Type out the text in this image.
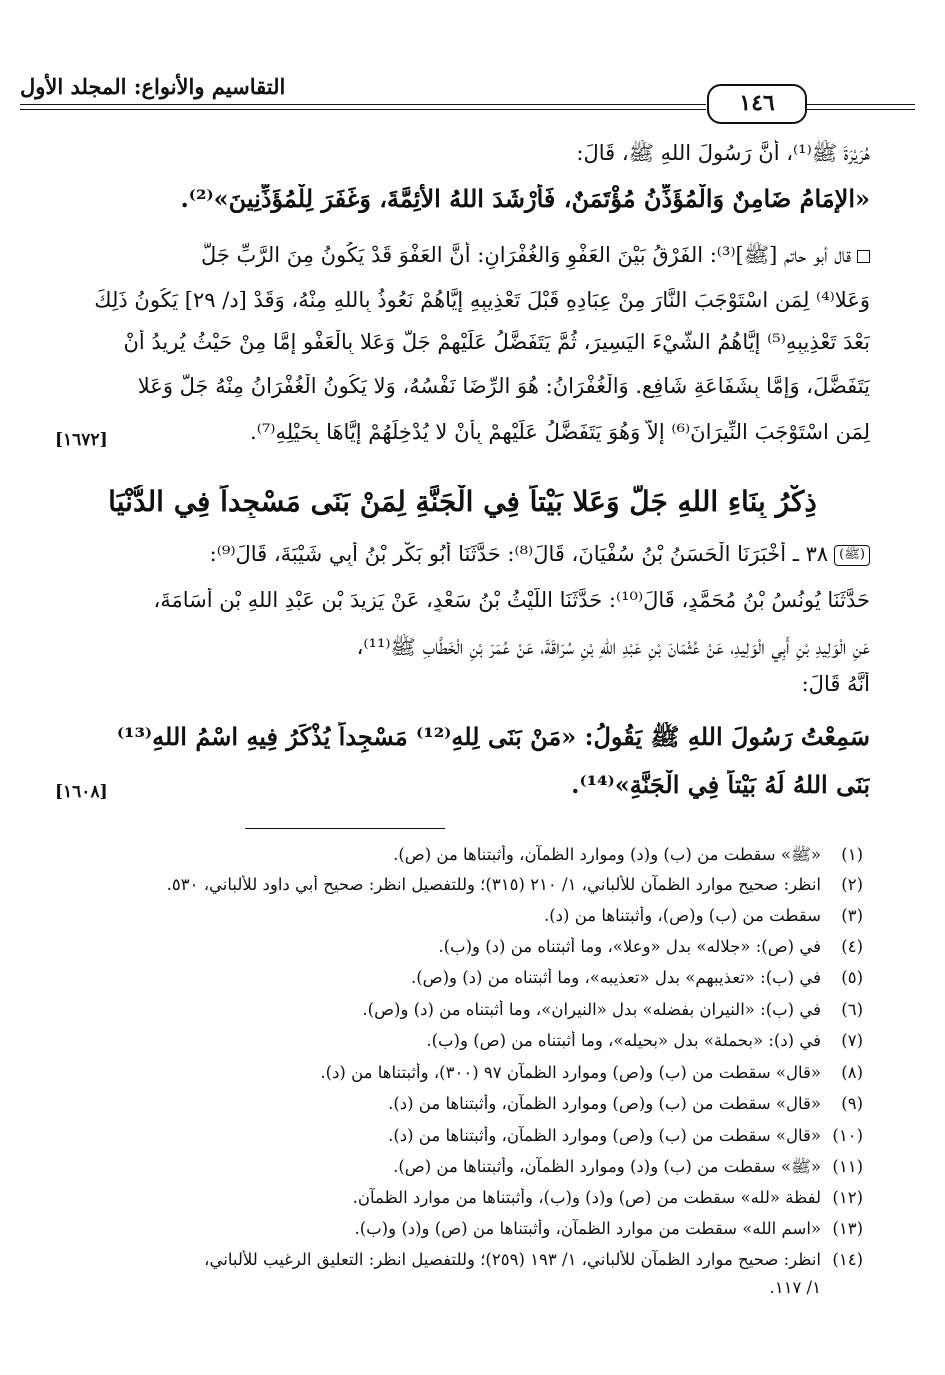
التقاسيم والأنواع: المجلد الأول
١٤٦
هُرَيْرَةَ ﷺ⁽¹⁾، أَنَّ رَسُولَ اللهِ ﷺ، قَالَ:
«الإِمَامُ ضَامِنٌ وَالْمُؤَذِّنُ مُؤْتَمَنٌ، فَأَرْشَدَ اللهُ الأَئِمَّةَ، وَغَفَرَ لِلْمُؤَذِّنِينَ»⁽²⁾.
قال أبو حاتم [ﷺ]⁽³⁾: الفَرْقُ بَيْنَ العَفْوِ وَالغُفْرَانِ: أَنَّ العَفْوَ قَدْ يَكُونُ مِنَ الرَّبِّ جَلَّ
وَعَلا⁽⁴⁾ لِمَنِ اسْتَوْجَبَ النَّارَ مِنْ عِبَادِهِ قَبْلَ تَعْذِيبِهِ إِيَّاهُمْ نَعُوذُ بِاللهِ مِنْهُ، وَقَدْ [د/ ٢٩] يَكُونُ ذَلِكَ
بَعْدَ تَعْذِيبِهِ⁽⁵⁾ إِيَّاهُمُ الشَّيْءَ اليَسِيرَ، ثُمَّ يَتَفَضَّلُ عَلَيْهِمْ جَلَّ وَعَلا بِالْعَفْوِ إِمَّا مِنْ حَيْثُ يُرِيدُ أَنْ
يَتَفَضَّلَ، وَإِمَّا بِشَفَاعَةِ شَافِعٍ. وَالْغُفْرَانُ: هُوَ الرِّضَا نَفْسُهُ، وَلا يَكُونُ الْغُفْرَانُ مِنْهُ جَلَّ وَعَلا
لِمَنِ اسْتَوْجَبَ النِّيرَانَ⁽⁶⁾ إِلاَّ وَهُوَ يَتَفَضَّلُ عَلَيْهِمْ بِأَنْ لا يُدْخِلَهُمْ إِيَّاهَا بِحَيْلِهِ⁽⁷⁾.
[١٦٧٢]
ذِكْرُ بِنَاءِ اللهِ جَلَّ وَعَلا بَيْتاً فِي الْجَنَّةِ لِمَنْ بَنَى مَسْجِداً فِي الدُّنْيَا
(ﷺ)٣٨ ـ أَخْبَرَنَا الْحَسَنُ بْنُ سُفْيَانَ، قَالَ⁽⁸⁾: حَدَّثَنَا أَبُو بَكْرِ بْنُ أَبِي شَيْبَةَ، قَالَ⁽⁹⁾:
حَدَّثَنَا يُونُسُ بْنُ مُحَمَّدٍ، قَالَ⁽¹⁰⁾: حَدَّثَنَا اللَّيْثُ بْنُ سَعْدٍ، عَنْ يَزِيدَ بْنِ عَبْدِ اللهِ بْنِ أُسَامَةَ،
عَنِ الْوَلِيدِ بْنِ أَبِي الْوَلِيدِ، عَنْ عُثْمَانَ بْنِ عَبْدِ اللهِ بْنِ سُرَاقَةَ، عَنْ عُمَرَ بْنِ الْخَطَّابِ ﷺ⁽¹¹⁾،
أَنَّهُ قَالَ:
سَمِعْتُ رَسُولَ اللهِ ﷺ يَقُولُ: «مَنْ بَنَى لِلهِ⁽¹²⁾ مَسْجِداً يُذْكَرُ فِيهِ اسْمُ اللهِ⁽¹³⁾
بَنَى اللهُ لَهُ بَيْتاً فِي الْجَنَّةِ»⁽¹⁴⁾.
[١٦٠٨]
(١)«ﷺ» سقطت من (ب) و(د) وموارد الظمآن، وأثبتناها من (ص).
(٢)انظر: صحيح موارد الظمآن للألباني، ١/ ٢١٠ (٣١٥)؛ وللتفصيل انظر: صحيح أبي داود للألباني، ٥٣٠.
(٣)سقطت من (ب) و(ص)، وأثبتناها من (د).
(٤)في (ص): «جلاله» بدل «وعلا»، وما أثبتناه من (د) و(ب).
(٥)في (ب): «تعذيبهم» بدل «تعذيبه»، وما أثبتناه من (د) و(ص).
(٦)في (ب): «النيران بفضله» بدل «النيران»، وما أثبتناه من (د) و(ص).
(٧)في (د): «بحملة» بدل «بحيله»، وما أثبتناه من (ص) و(ب).
(٨)«قال» سقطت من (ب) و(ص) وموارد الظمآن ٩٧ (٣٠٠)، وأثبتناها من (د).
(٩)«قال» سقطت من (ب) و(ص) وموارد الظمآن، وأثبتناها من (د).
(١٠)«قال» سقطت من (ب) و(ص) وموارد الظمآن، وأثبتناها من (د).
(١١)«ﷺ» سقطت من (ب) و(د) وموارد الظمآن، وأثبتناها من (ص).
(١٢)لفظة «لله» سقطت من (ص) و(د) و(ب)، وأثبتناها من موارد الظمآن.
(١٣)«اسم الله» سقطت من موارد الظمآن، وأثبتناها من (ص) و(د) و(ب).
(١٤)انظر: صحيح موارد الظمآن للألباني، ١/ ١٩٣ (٢٥٩)؛ وللتفصيل انظر: التعليق الرغيب للألباني،
١/ ١١٧.
